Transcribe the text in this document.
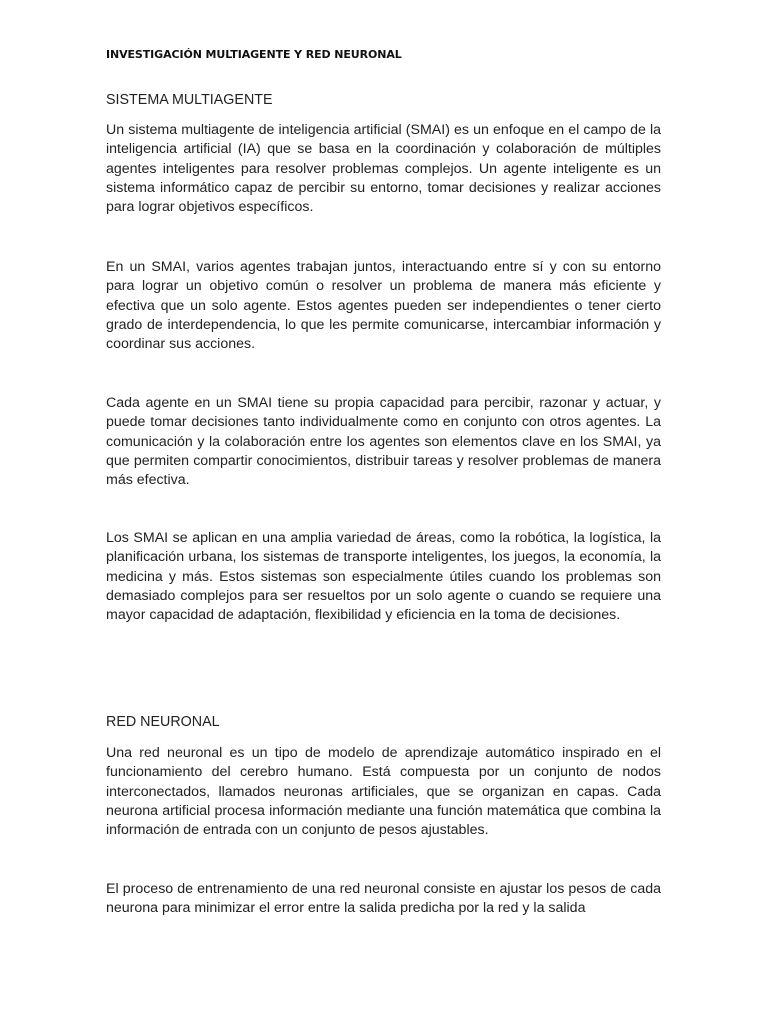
INVESTIGACIÓN MULTIAGENTE Y RED NEURONAL
SISTEMA MULTIAGENTE

Un sistema multiagente de inteligencia artificial (SMAI) es un enfoque en el campo de la inteligencia artificial (IA) que se basa en la coordinación y colaboración de múltiples agentes inteligentes para resolver problemas complejos. Un agente inteligente es un sistema informático capaz de percibir su entorno, tomar decisiones y realizar acciones para lograr objetivos específicos.

En un SMAI, varios agentes trabajan juntos, interactuando entre sí y con su entorno para lograr un objetivo común o resolver un problema de manera más eficiente y efectiva que un solo agente. Estos agentes pueden ser independientes o tener cierto grado de interdependencia, lo que les permite comunicarse, intercambiar información y coordinar sus acciones.

Cada agente en un SMAI tiene su propia capacidad para percibir, razonar y actuar, y puede tomar decisiones tanto individualmente como en conjunto con otros agentes. La comunicación y la colaboración entre los agentes son elementos clave en los SMAI, ya que permiten compartir conocimientos, distribuir tareas y resolver problemas de manera más efectiva.

Los SMAI se aplican en una amplia variedad de áreas, como la robótica, la logística, la planificación urbana, los sistemas de transporte inteligentes, los juegos, la economía, la medicina y más. Estos sistemas son especialmente útiles cuando los problemas son demasiado complejos para ser resueltos por un solo agente o cuando se requiere una mayor capacidad de adaptación, flexibilidad y eficiencia en la toma de decisiones.

RED NEURONAL

Una red neuronal es un tipo de modelo de aprendizaje automático inspirado en el funcionamiento del cerebro humano. Está compuesta por un conjunto de nodos interconectados, llamados neuronas artificiales, que se organizan en capas. Cada neurona artificial procesa información mediante una función matemática que combina la información de entrada con un conjunto de pesos ajustables.

El proceso de entrenamiento de una red neuronal consiste en ajustar los pesos de cada neurona para minimizar el error entre la salida predicha por la red y la salida
